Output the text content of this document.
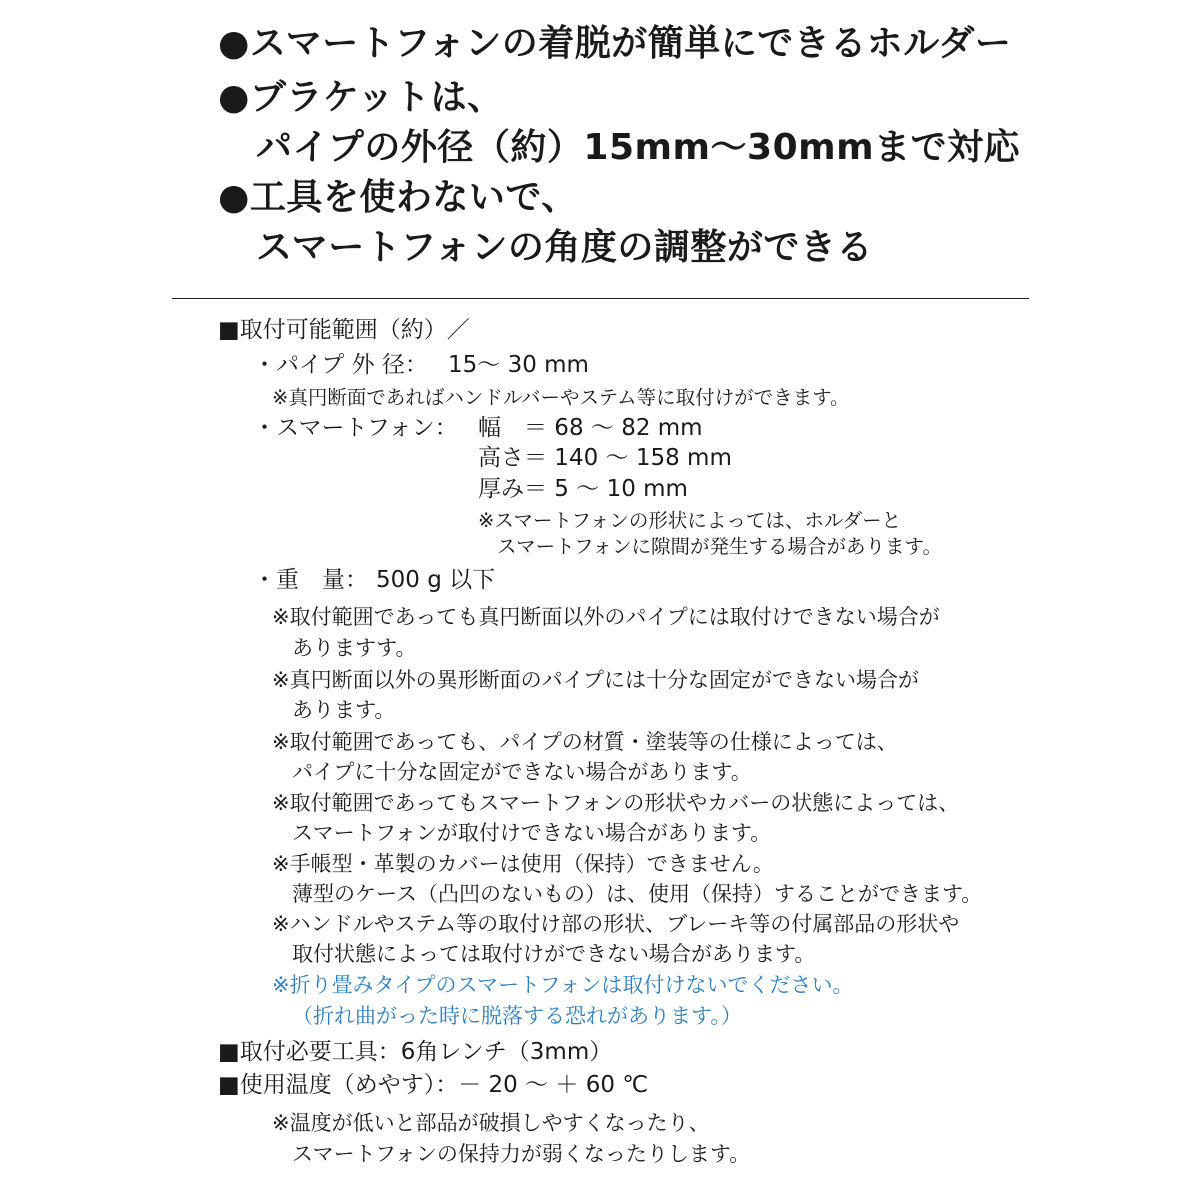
●スマートフォンの着脱が簡単にできるホルダー

●ブラケットは、

パイプの外径（約）15mm～30mmまで対応

●工具を使わないで、

スマートフォンの角度の調整ができる

■取付可能範囲（約）／

・パイプ 外 径： 15～ 30 mm

※真円断面であればハンドルバーやステム等に取付けができます。

・スマートフォン： 幅　＝ 68 ～ 82 mm

高さ＝ 140 ～ 158 mm

厚み＝ 5 ～ 10 mm

※スマートフォンの形状によっては、ホルダーと

スマートフォンに隙間が発生する場合があります。

・重　量： 500 g 以下

※取付範囲であっても真円断面以外のパイプには取付けできない場合が

ありますす。

※真円断面以外の異形断面のパイプには十分な固定ができない場合が

あります。

※取付範囲であっても、パイプの材質・塗装等の仕様によっては、

パイプに十分な固定ができない場合があります。

※取付範囲であってもスマートフォンの形状やカバーの状態によっては、

スマートフォンが取付けできない場合があります。

※手帳型・革製のカバーは使用（保持）できません。

薄型のケース（凸凹のないもの）は、使用（保持）することができます。

※ハンドルやステム等の取付け部の形状、ブレーキ等の付属部品の形状や

取付状態によっては取付けができない場合があります。

※折り畳みタイプのスマートフォンは取付けないでください。

（折れ曲がった時に脱落する恐れがあります。）

■取付必要工具：6角レンチ（3mm）

■使用温度（めやす）：－ 20 ～ ＋ 60 ℃

※温度が低いと部品が破損しやすくなったり、

スマートフォンの保持力が弱くなったりします。
